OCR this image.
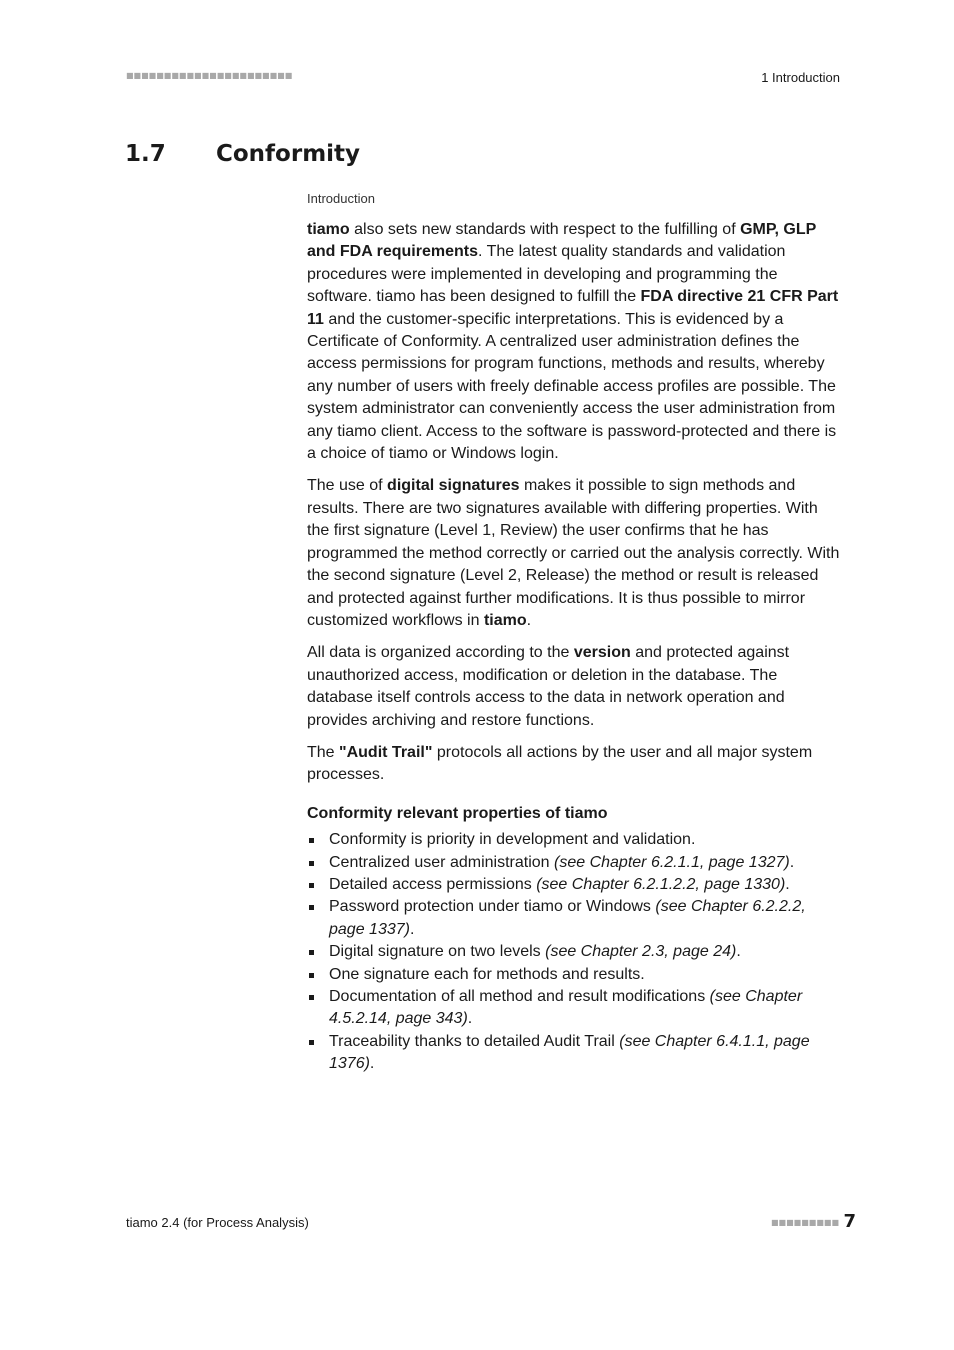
■■■■■■■■■■■■■■■■■■■■■■	1 Introduction
1.7 Conformity
Introduction

tiamo also sets new standards with respect to the fulfilling of GMP, GLP and FDA requirements. The latest quality standards and validation procedures were implemented in developing and programming the software. tiamo has been designed to fulfill the FDA directive 21 CFR Part 11 and the customer-specific interpretations. This is evidenced by a Certificate of Conformity. A centralized user administration defines the access permissions for program functions, methods and results, whereby any number of users with freely definable access profiles are possible. The system administrator can conveniently access the user administration from any tiamo client. Access to the software is password-protected and there is a choice of tiamo or Windows login.

The use of digital signatures makes it possible to sign methods and results. There are two signatures available with differing properties. With the first signature (Level 1, Review) the user confirms that he has programmed the method correctly or carried out the analysis correctly. With the second signature (Level 2, Release) the method or result is released and protected against further modifications. It is thus possible to mirror customized workflows in tiamo.

All data is organized according to the version and protected against unauthorized access, modification or deletion in the database. The database itself controls access to the data in network operation and provides archiving and restore functions.

The "Audit Trail" protocols all actions by the user and all major system processes.

Conformity relevant properties of tiamo
Conformity is priority in development and validation.
Centralized user administration (see Chapter 6.2.1.1, page 1327).
Detailed access permissions (see Chapter 6.2.1.2.2, page 1330).
Password protection under tiamo or Windows (see Chapter 6.2.2.2, page 1337).
Digital signature on two levels (see Chapter 2.3, page 24).
One signature each for methods and results.
Documentation of all method and result modifications (see Chapter 4.5.2.14, page 343).
Traceability thanks to detailed Audit Trail (see Chapter 6.4.1.1, page 1376).
tiamo 2.4 (for Process Analysis)	■■■■■■■■■ 7
